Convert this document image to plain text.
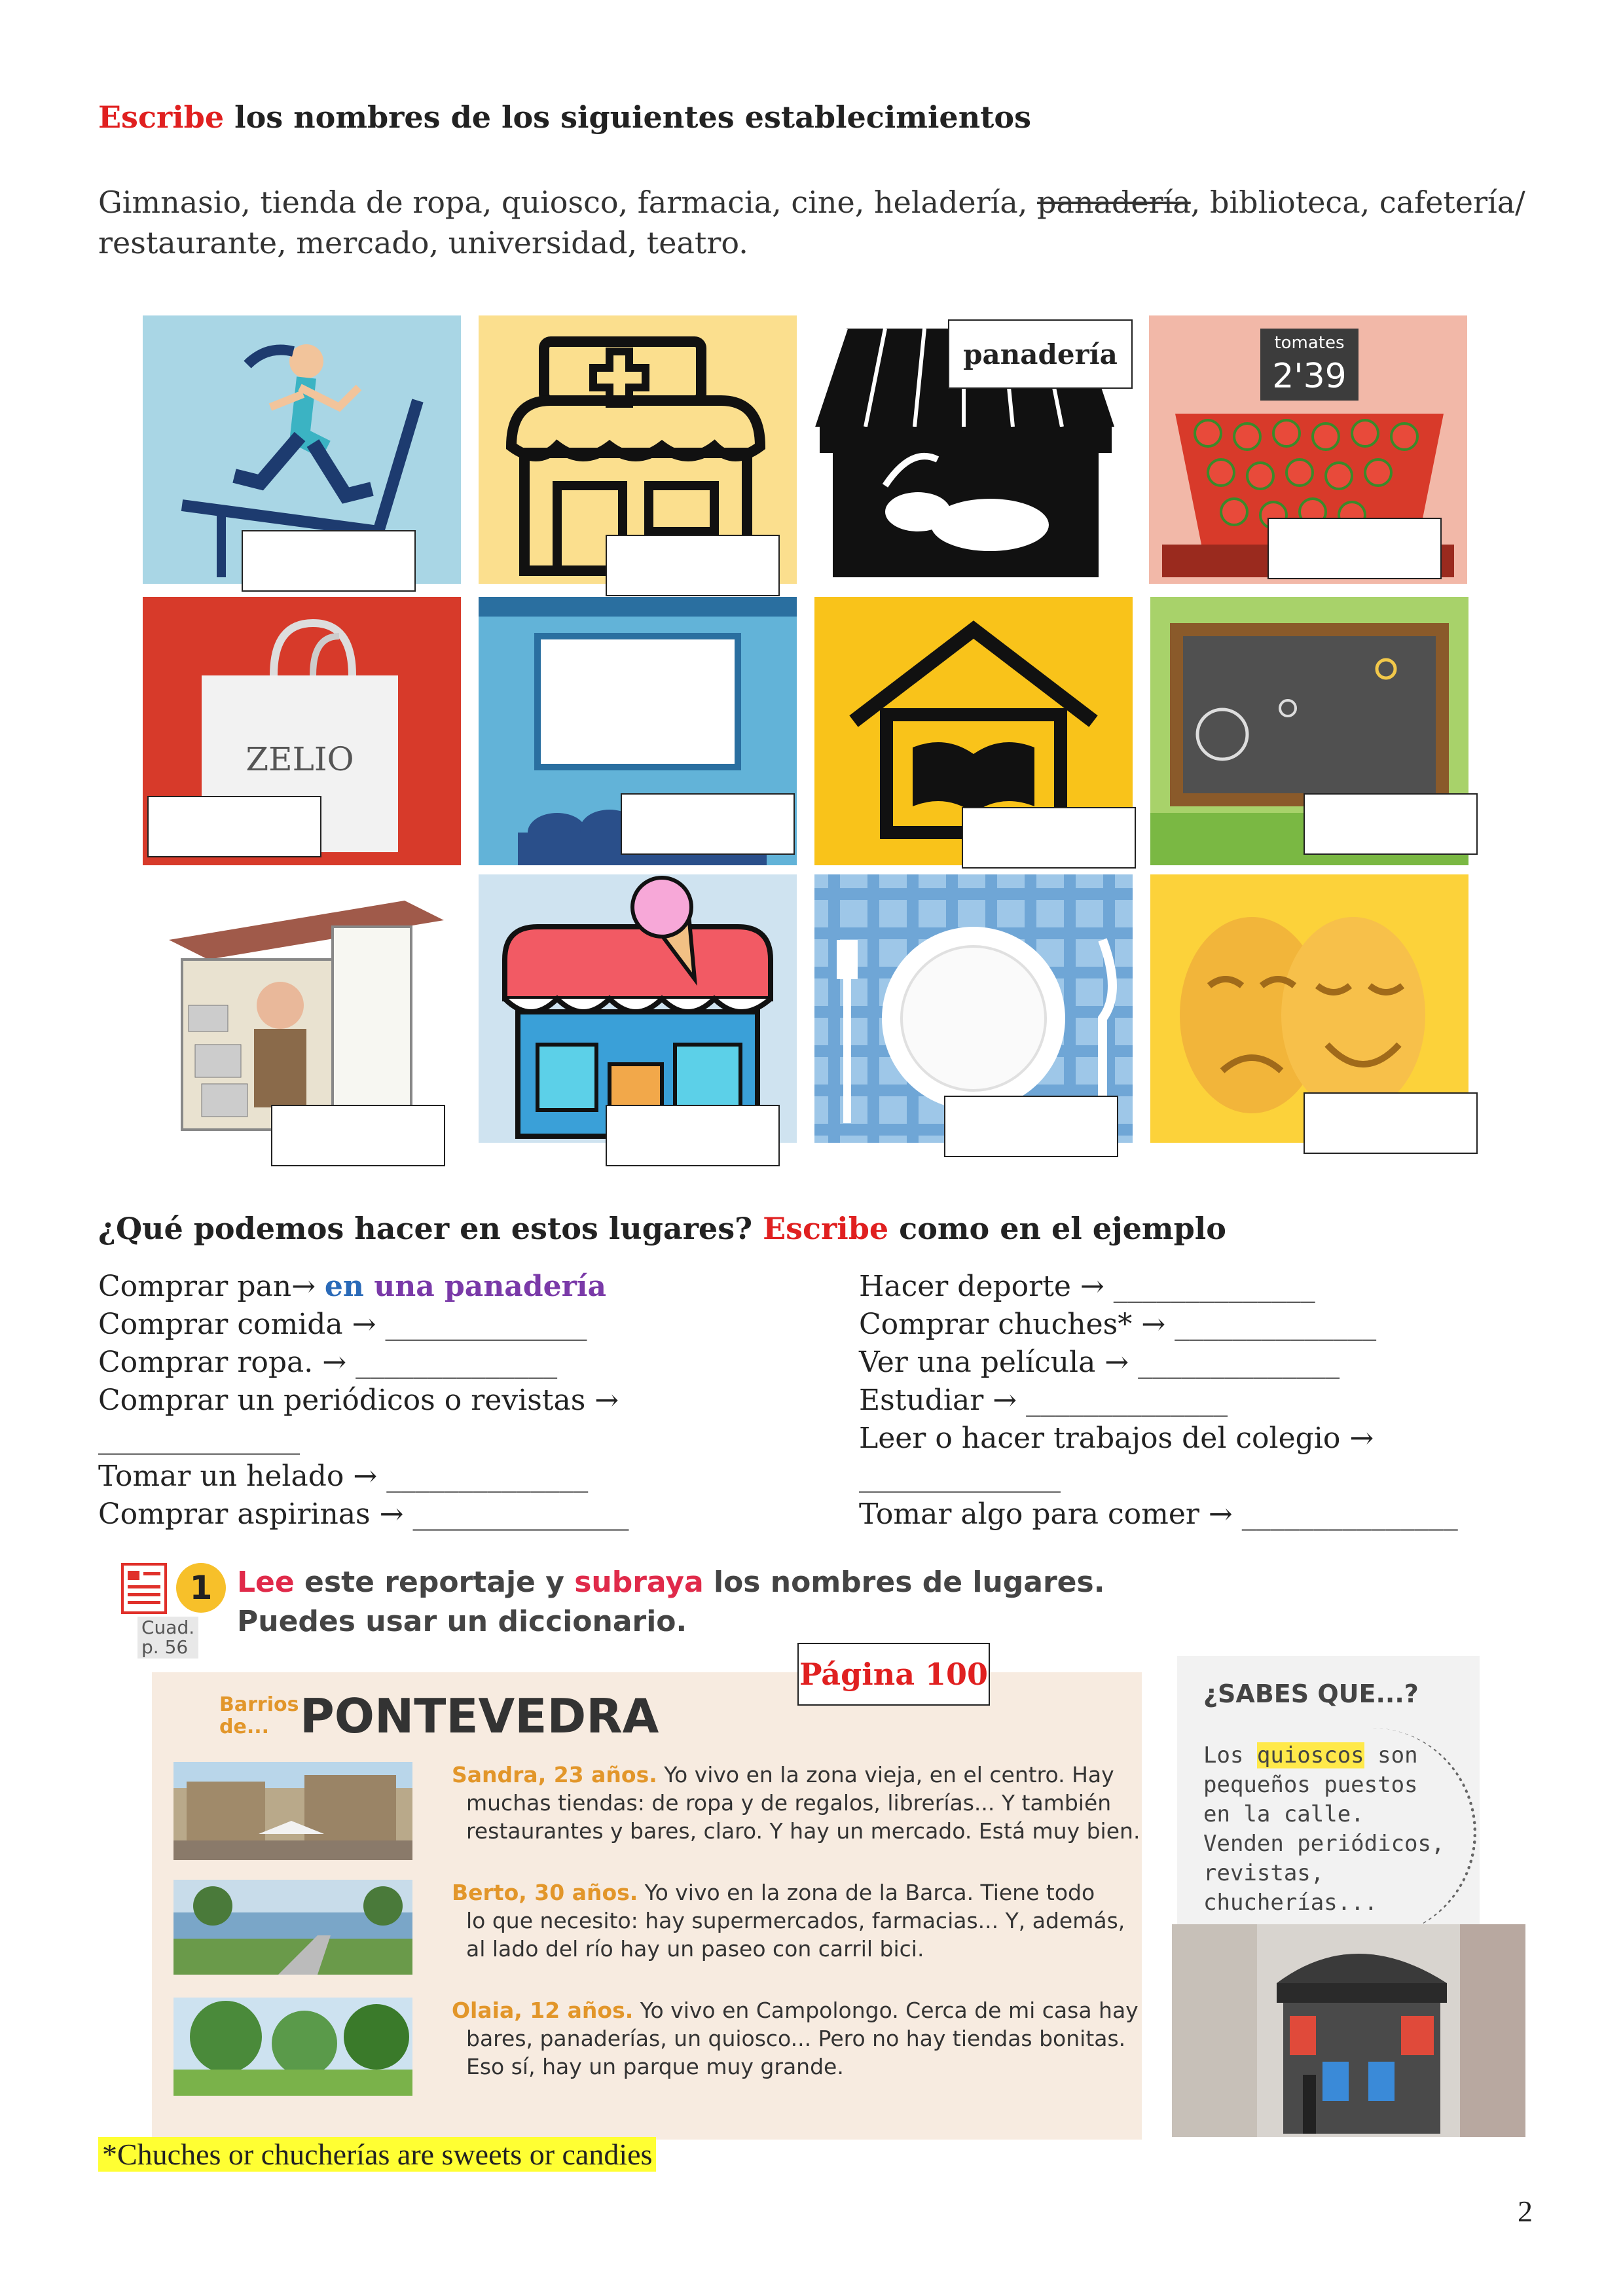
Escribe los nombres de los siguientes establecimientos
Gimnasio, tienda de ropa, quiosco, farmacia, cine, heladería, panadería, biblioteca, cafetería/ restaurante, mercado, universidad, teatro.
tomates
2'39
ZELIO
panadería
¿Qué podemos hacer en estos lugares? Escribe como en el ejemplo
Comprar pan→ en una panadería
Comprar comida → ______________
Comprar ropa. → ______________
Comprar un periódicos o revistas →
______________
Tomar un helado → ______________
Comprar aspirinas → _______________
Hacer deporte → ______________
Comprar chuches* → ______________
Ver una película → ______________
Estudiar → ______________
Leer o hacer trabajos del colegio →
______________
Tomar algo para comer → _______________
1 Lee este reportaje y subraya los nombres de lugares.
Puedes usar un diccionario.
Cuad.
p. 56
Página 100
Barrios
de... PONTEVEDRA
Sandra, 23 años. Yo vivo en la zona vieja, en el centro. Hay
muchas tiendas: de ropa y de regalos, librerías... Y también
restaurantes y bares, claro. Y hay un mercado. Está muy bien.
Berto, 30 años. Yo vivo en la zona de la Barca. Tiene todo
lo que necesito: hay supermercados, farmacias... Y, además,
al lado del río hay un paseo con carril bici.
Olaia, 12 años. Yo vivo en Campolongo. Cerca de mi casa hay
bares, panaderías, un quiosco... Pero no hay tiendas bonitas.
Eso sí, hay un parque muy grande.
¿SABES QUE...?
Los quioscos son
pequeños puestos
en la calle.
Venden periódicos,
revistas,
chucherías...
*Chuches or chucherías are sweets or candies
2
